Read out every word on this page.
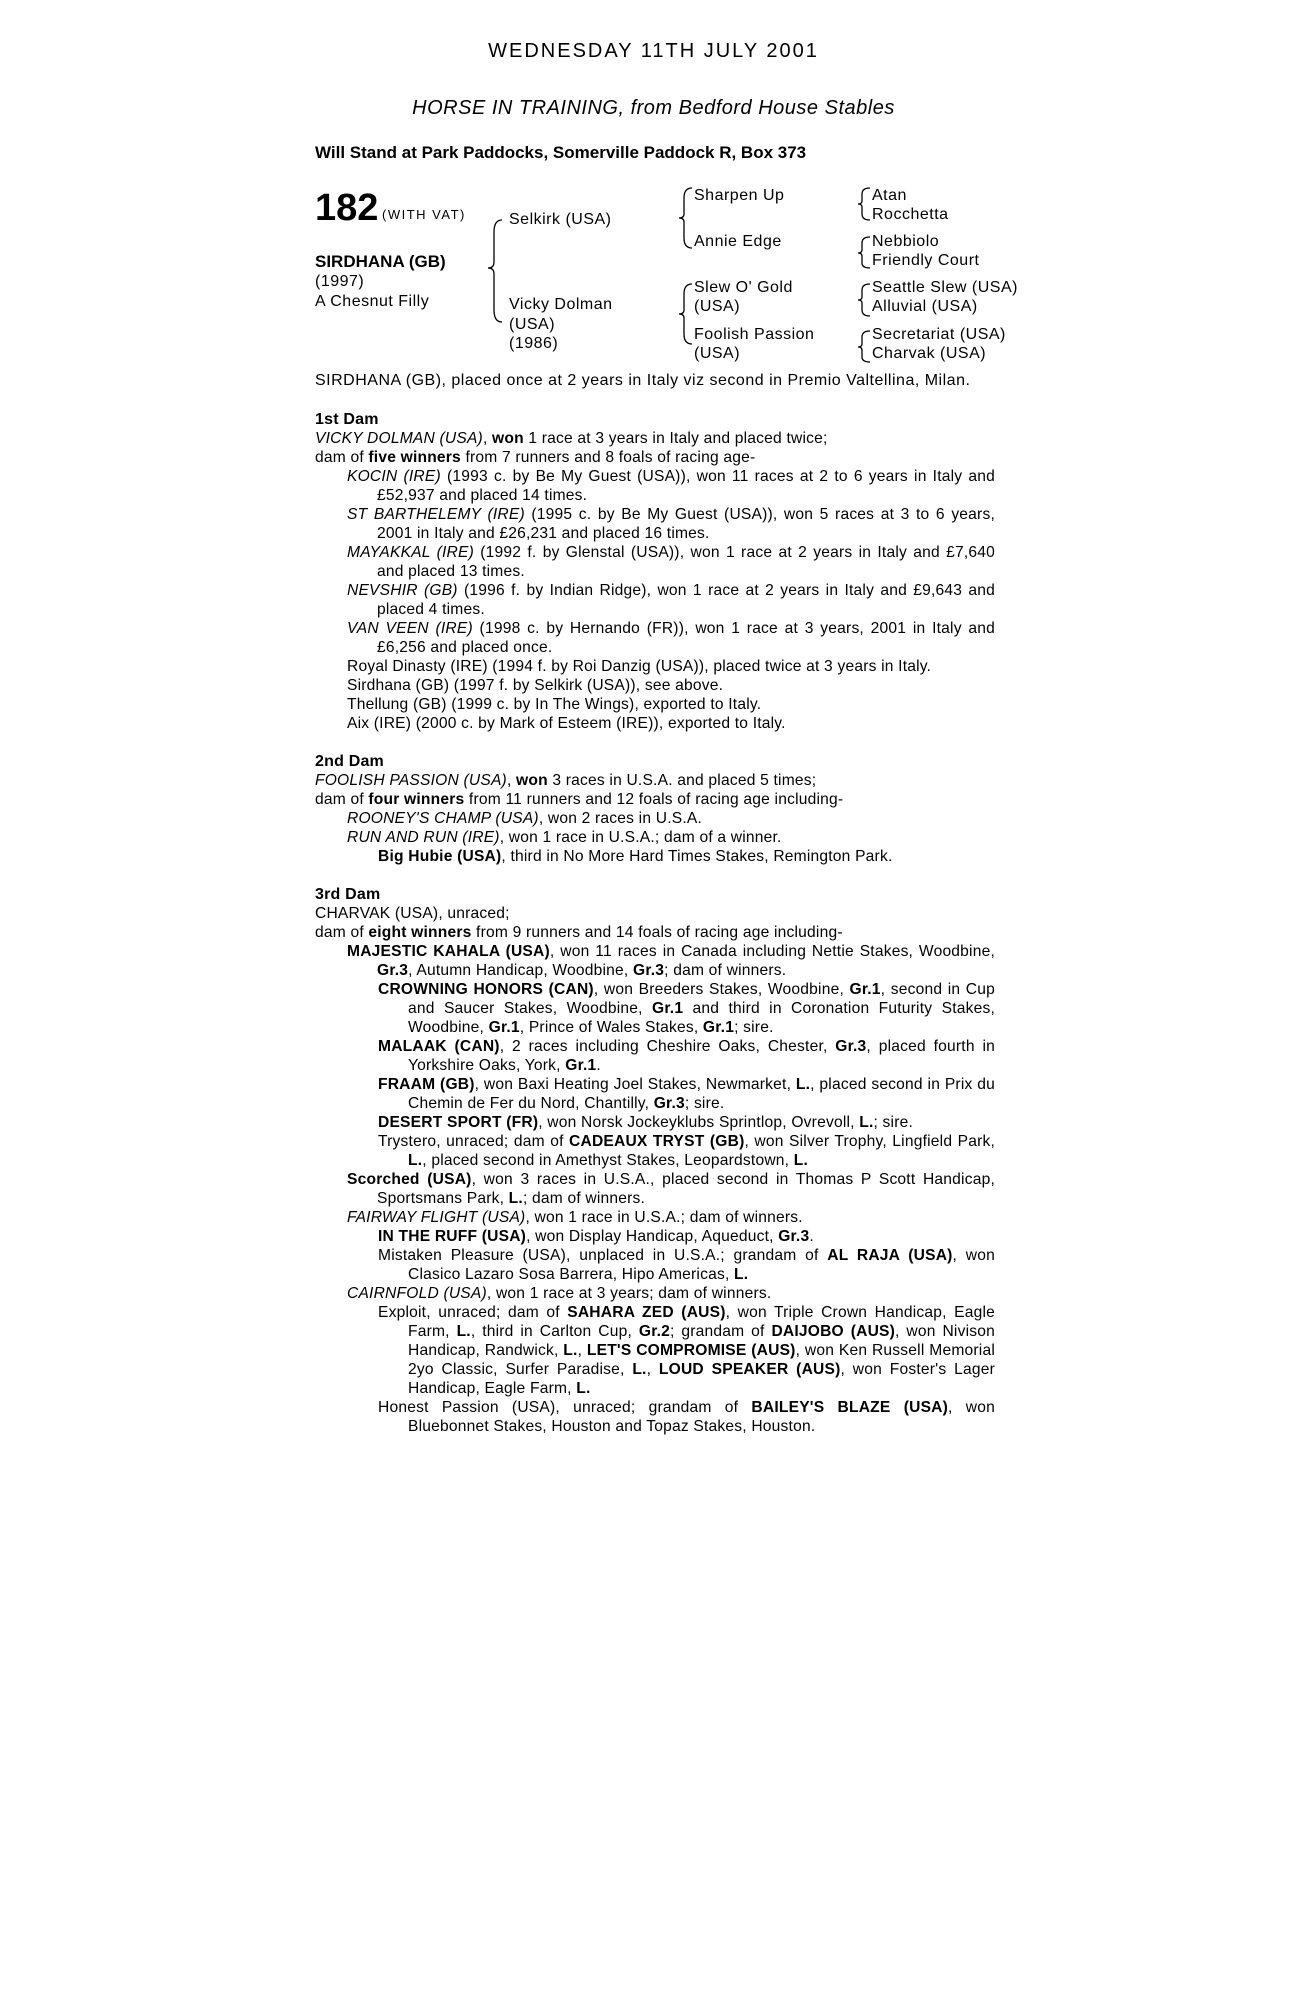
WEDNESDAY 11TH JULY 2001
HORSE IN TRAINING, from Bedford House Stables
Will Stand at Park Paddocks, Somerville Paddock R, Box 373
182 (WITH VAT)
SIRDHANA (GB)
(1997)
A Chesnut Filly
Selkirk (USA)
Vicky Dolman
(USA)
(1986)
Sharpen Up
Annie Edge
Slew O' Gold
(USA)
Foolish Passion
(USA)
Atan
Rocchetta
Nebbiolo
Friendly Court
Seattle Slew (USA)
Alluvial (USA)
Secretariat (USA)
Charvak (USA)
SIRDHANA (GB), placed once at 2 years in Italy viz second in Premio Valtellina, Milan.

1st Dam

VICKY DOLMAN (USA), won 1 race at 3 years in Italy and placed twice;

dam of five winners from 7 runners and 8 foals of racing age-

KOCIN (IRE) (1993 c. by Be My Guest (USA)), won 11 races at 2 to 6 years in Italy and £52,937 and placed 14 times.

ST BARTHELEMY (IRE) (1995 c. by Be My Guest (USA)), won 5 races at 3 to 6 years, 2001 in Italy and £26,231 and placed 16 times.

MAYAKKAL (IRE) (1992 f. by Glenstal (USA)), won 1 race at 2 years in Italy and £7,640 and placed 13 times.

NEVSHIR (GB) (1996 f. by Indian Ridge), won 1 race at 2 years in Italy and £9,643 and placed 4 times.

VAN VEEN (IRE) (1998 c. by Hernando (FR)), won 1 race at 3 years, 2001 in Italy and £6,256 and placed once.

Royal Dinasty (IRE) (1994 f. by Roi Danzig (USA)), placed twice at 3 years in Italy.

Sirdhana (GB) (1997 f. by Selkirk (USA)), see above.

Thellung (GB) (1999 c. by In The Wings), exported to Italy.

Aix (IRE) (2000 c. by Mark of Esteem (IRE)), exported to Italy.

2nd Dam

FOOLISH PASSION (USA), won 3 races in U.S.A. and placed 5 times;

dam of four winners from 11 runners and 12 foals of racing age including-

ROONEY'S CHAMP (USA), won 2 races in U.S.A.

RUN AND RUN (IRE), won 1 race in U.S.A.; dam of a winner.

Big Hubie (USA), third in No More Hard Times Stakes, Remington Park.

3rd Dam

CHARVAK (USA), unraced;

dam of eight winners from 9 runners and 14 foals of racing age including-

MAJESTIC KAHALA (USA), won 11 races in Canada including Nettie Stakes, Woodbine, Gr.3, Autumn Handicap, Woodbine, Gr.3; dam of winners.

CROWNING HONORS (CAN), won Breeders Stakes, Woodbine, Gr.1, second in Cup and Saucer Stakes, Woodbine, Gr.1 and third in Coronation Futurity Stakes, Woodbine, Gr.1, Prince of Wales Stakes, Gr.1; sire.

MALAAK (CAN), 2 races including Cheshire Oaks, Chester, Gr.3, placed fourth in Yorkshire Oaks, York, Gr.1.

FRAAM (GB), won Baxi Heating Joel Stakes, Newmarket, L., placed second in Prix du Chemin de Fer du Nord, Chantilly, Gr.3; sire.

DESERT SPORT (FR), won Norsk Jockeyklubs Sprintlop, Ovrevoll, L.; sire.

Trystero, unraced; dam of CADEAUX TRYST (GB), won Silver Trophy, Lingfield Park, L., placed second in Amethyst Stakes, Leopardstown, L.

Scorched (USA), won 3 races in U.S.A., placed second in Thomas P Scott Handicap, Sportsmans Park, L.; dam of winners.

FAIRWAY FLIGHT (USA), won 1 race in U.S.A.; dam of winners.

IN THE RUFF (USA), won Display Handicap, Aqueduct, Gr.3.

Mistaken Pleasure (USA), unplaced in U.S.A.; grandam of AL RAJA (USA), won Clasico Lazaro Sosa Barrera, Hipo Americas, L.

CAIRNFOLD (USA), won 1 race at 3 years; dam of winners.

Exploit, unraced; dam of SAHARA ZED (AUS), won Triple Crown Handicap, Eagle Farm, L., third in Carlton Cup, Gr.2; grandam of DAIJOBO (AUS), won Nivison Handicap, Randwick, L., LET'S COMPROMISE (AUS), won Ken Russell Memorial 2yo Classic, Surfer Paradise, L., LOUD SPEAKER (AUS), won Foster's Lager Handicap, Eagle Farm, L.

Honest Passion (USA), unraced; grandam of BAILEY'S BLAZE (USA), won Bluebonnet Stakes, Houston and Topaz Stakes, Houston.
